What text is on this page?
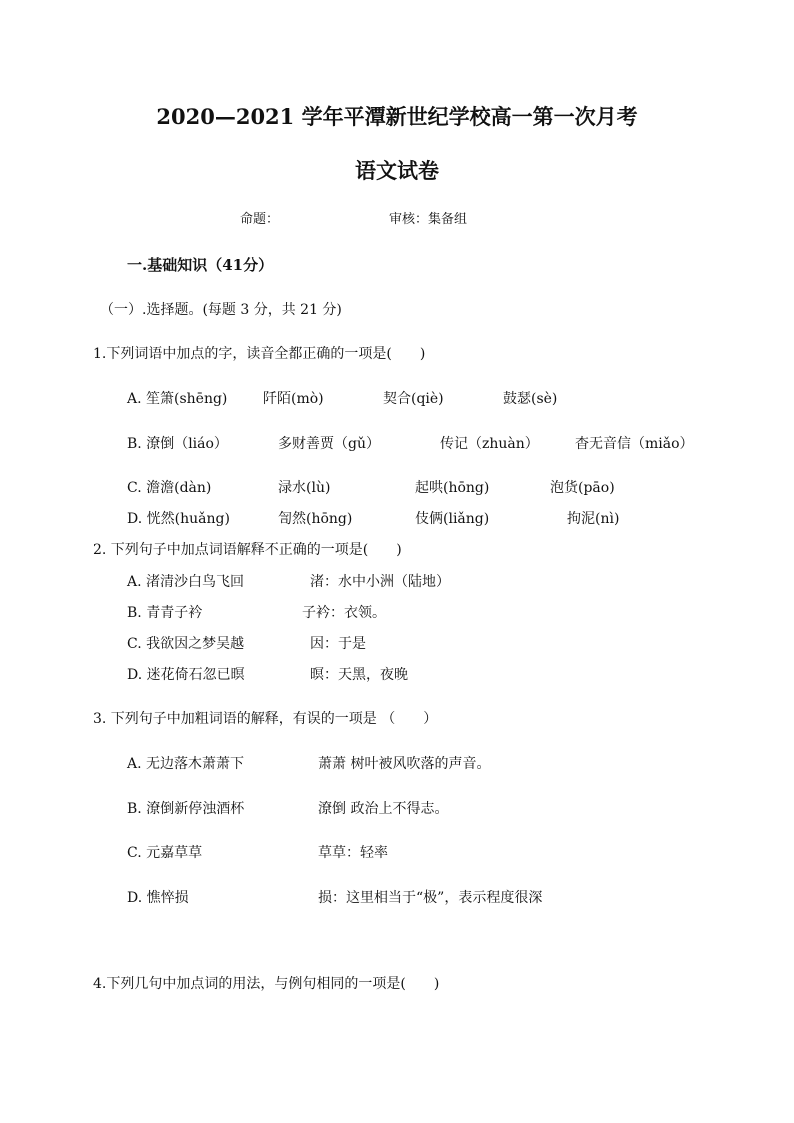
2020—2021 学年平潭新世纪学校高一第一次月考
语文试卷
命题：	审核：集备组
一.基础知识（41分）
（一）.选择题。(每题 3 分，共 21 分)
1.下列词语中加点的字，读音全都正确的一项是(　　)
A. 笙箫(shēng)	阡陌(mò)	契合(qiè)	鼓瑟(sè)
B. 潦倒（liáo）	多财善贾（gǔ）	传记（zhuàn）	杳无音信（miǎo）
C. 澹澹(dàn)	渌水(lù)	起哄(hōng)	泡货(pāo)
D. 恍然(huǎng)	訇然(hōng)	伎俩(liǎng)	拘泥(nì)
2. 下列句子中加点词语解释不正确的一项是(　　)
A. 渚清沙白鸟飞回	渚：水中小洲（陆地）
B. 青青子衿	子衿：衣领。
C. 我欲因之梦吴越	因：于是
D. 迷花倚石忽已暝	暝：天黑，夜晚
3. 下列句子中加粗词语的解释，有误的一项是 （　　）
A. 无边落木萧萧下	萧萧 树叶被风吹落的声音。
B. 潦倒新停浊酒杯	潦倒 政治上不得志。
C. 元嘉草草	草草：轻率
D. 憔悴损	损：这里相当于“极”，表示程度很深
4.下列几句中加点词的用法，与例句相同的一项是(　　)
